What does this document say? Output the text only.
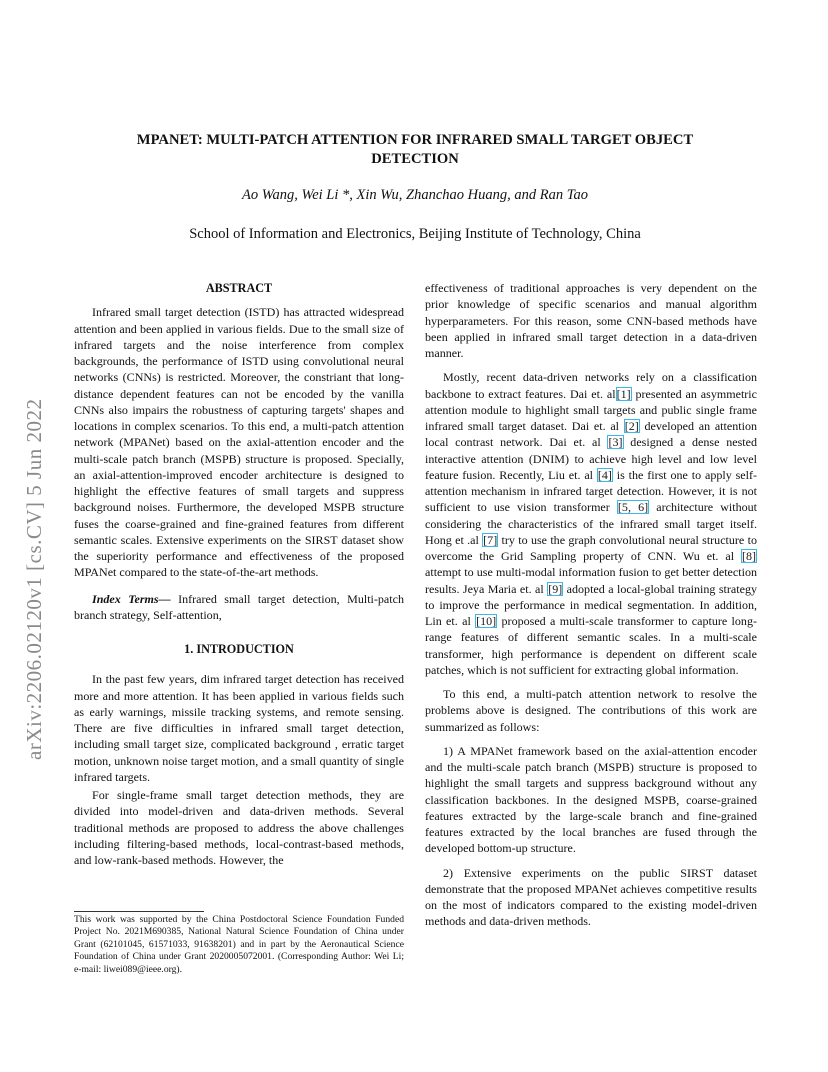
arXiv:2206.02120v1 [cs.CV] 5 Jun 2022
MPANET: MULTI-PATCH ATTENTION FOR INFRARED SMALL TARGET OBJECT DETECTION
Ao Wang, Wei Li *, Xin Wu, Zhanchao Huang, and Ran Tao
School of Information and Electronics, Beijing Institute of Technology, China

ABSTRACT

Infrared small target detection (ISTD) has attracted widespread attention and been applied in various fields. Due to the small size of infrared targets and the noise interference from complex backgrounds, the performance of ISTD using convolutional neural networks (CNNs) is restricted. Moreover, the constriant that long-distance dependent features can not be encoded by the vanilla CNNs also impairs the robustness of capturing targets' shapes and locations in complex scenarios. To this end, a multi-patch attention network (MPANet) based on the axial-attention encoder and the multi-scale patch branch (MSPB) structure is proposed. Specially, an axial-attention-improved encoder architecture is designed to highlight the effective features of small targets and suppress background noises. Furthermore, the developed MSPB structure fuses the coarse-grained and fine-grained features from different semantic scales. Extensive experiments on the SIRST dataset show the superiority performance and effectiveness of the proposed MPANet compared to the state-of-the-art methods.

Index Terms— Infrared small target detection, Multi-patch branch strategy, Self-attention,

1. INTRODUCTION

In the past few years, dim infrared target detection has received more and more attention. It has been applied in various fields such as early warnings, missile tracking systems, and remote sensing. There are five difficulties in infrared small target detection, including small target size, complicated background , erratic target motion, unknown noise target motion, and a small quantity of single infrared targets.

For single-frame small target detection methods, they are divided into model-driven and data-driven methods. Several traditional methods are proposed to address the above challenges including filtering-based methods, local-contrast-based methods, and low-rank-based methods. However, the

This work was supported by the China Postdoctoral Science Foundation Funded Project No. 2021M690385, National Natural Science Foundation of China under Grant (62101045, 61571033, 91638201) and in part by the Aeronautical Science Foundation of China under Grant 2020005072001. (Corresponding Author: Wei Li; e-mail: liwei089@ieee.org).

effectiveness of traditional approaches is very dependent on the prior knowledge of specific scenarios and manual algorithm hyperparameters. For this reason, some CNN-based methods have been applied in infrared small target detection in a data-driven manner.

Mostly, recent data-driven networks rely on a classification backbone to extract features. Dai et. al[1] presented an asymmetric attention module to highlight small targets and public single frame infrared small target dataset. Dai et. al [2] developed an attention local contrast network. Dai et. al [3] designed a dense nested interactive attention (DNIM) to achieve high level and low level feature fusion. Recently, Liu et. al [4] is the first one to apply self- attention mechanism in infrared target detection. However, it is not sufficient to use vision transformer [5, 6] architecture without considering the characteristics of the infrared small target itself. Hong et .al [7] try to use the graph convolutional neural structure to overcome the Grid Sampling property of CNN. Wu et. al [8] attempt to use multi-modal information fusion to get better detection results. Jeya Maria et. al [9] adopted a local-global training strategy to improve the performance in medical segmentation. In addition, Lin et. al [10] proposed a multi-scale transformer to capture long-range features of different semantic scales. In a multi-scale transformer, high performance is dependent on different scale patches, which is not sufficient for extracting global information.

To this end, a multi-patch attention network to resolve the problems above is designed. The contributions of this work are summarized as follows:

1) A MPANet framework based on the axial-attention encoder and the multi-scale patch branch (MSPB) structure is proposed to highlight the small targets and suppress background without any classification backbones. In the designed MSPB, coarse-grained features extracted by the large-scale branch and fine-grained features extracted by the local branches are fused through the developed bottom-up structure.

2) Extensive experiments on the public SIRST dataset demonstrate that the proposed MPANet achieves competitive results on the most of indicators compared to the existing model-driven methods and data-driven methods.
